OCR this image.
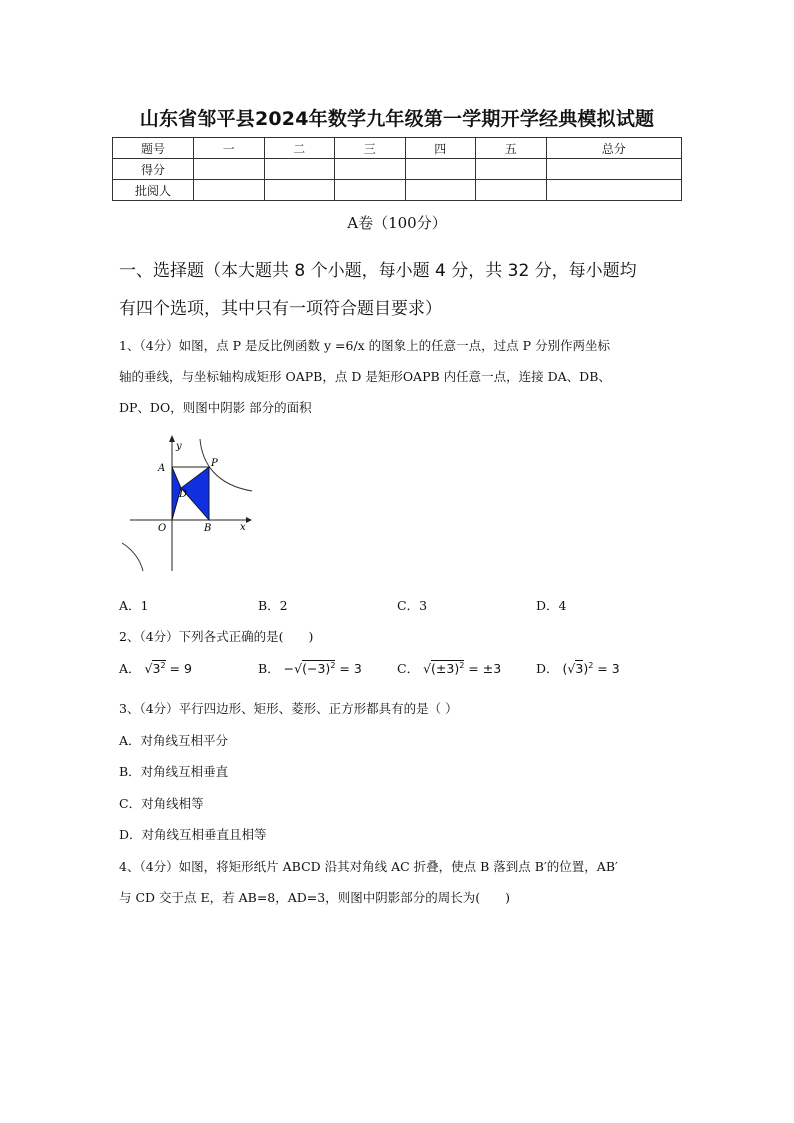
山东省邹平县2024年数学九年级第一学期开学经典模拟试题
题号	一	二	三	四	五	总分
得分						
批阅人						
A卷（100分）
一、选择题（本大题共 8 个小题，每小题 4 分，共 32 分，每小题均
有四个选项，其中只有一项符合题目要求）
1、（4分）如图，点 P 是反比例函数 y =6/x 的图象上的任意一点，过点 P 分别作两坐标
轴的垂线，与坐标轴构成矩形 OAPB，点 D 是矩形OAPB 内任意一点，连接 DA、DB、
DP、DO，则图中阴影 部分的面积
y
x
A	P
D
O	B
A．1	B．2	C．3	D．4
2、（4分）下列各式正确的是(　　)
A． $√3^2 = 9$	B． $-√(-3)^2 = 3$	C． $√(\pm 3)^2 = \pm 3$	D． $(√3)^2 = 3$
3、（4分）平行四边形、矩形、菱形、正方形都具有的是（ ）
A．对角线互相平分
B．对角线互相垂直
C．对角线相等
D．对角线互相垂直且相等
4、（4分）如图，将矩形纸片 ABCD 沿其对角线 AC 折叠，使点 B 落到点 B′的位置，AB′
与 CD 交于点 E，若 AB=8，AD=3，则图中阴影部分的周长为(　　)
